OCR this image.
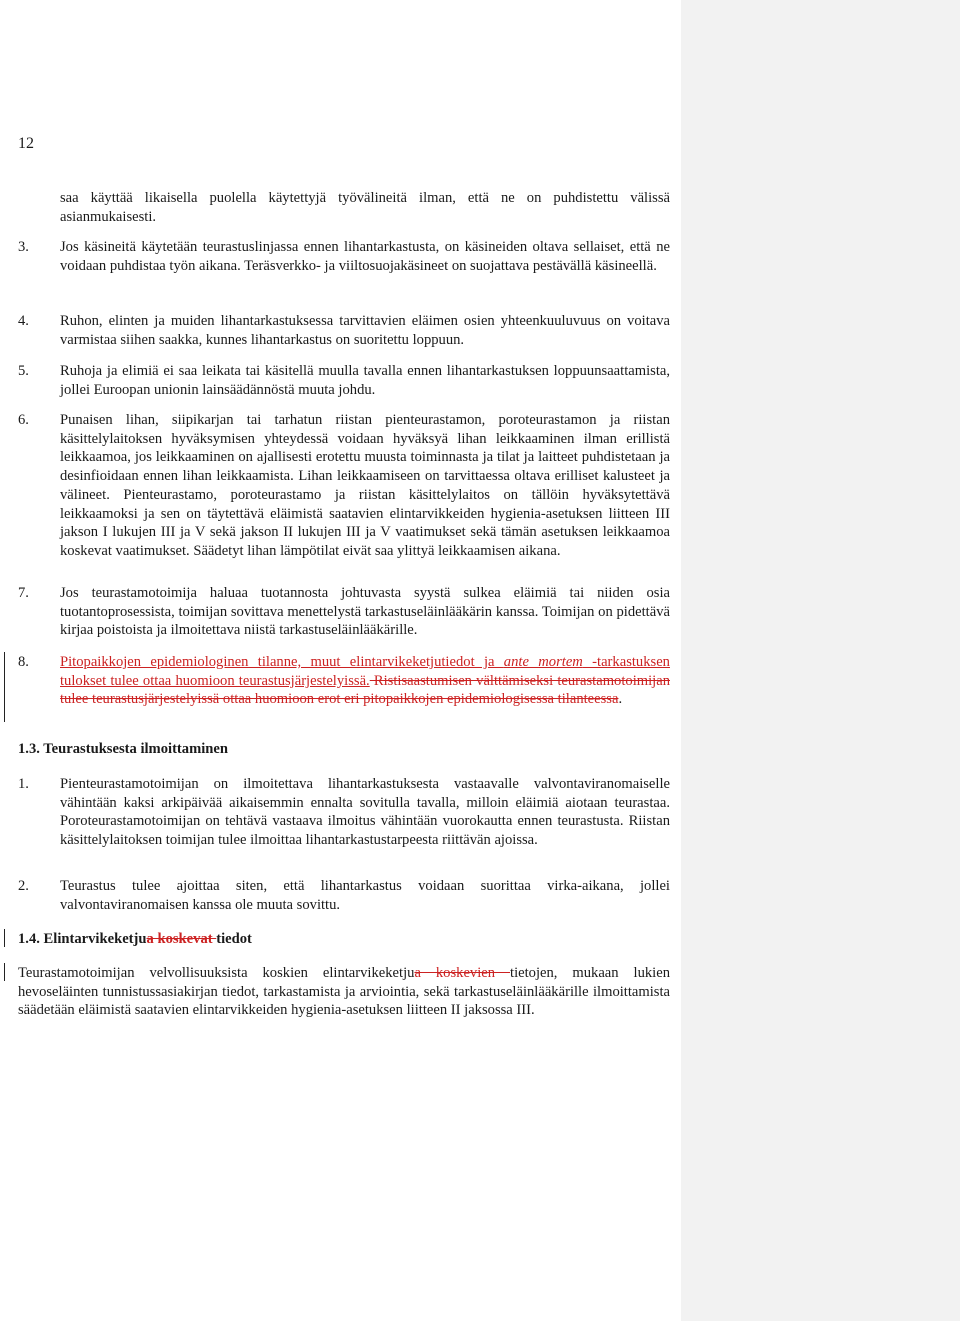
12

saa käyttää likaisella puolella käytettyjä työvälineitä ilman, että ne on puhdistettu välissä asianmukaisesti.

3. Jos käsineitä käytetään teurastuslinjassa ennen lihantarkastusta, on käsineiden oltava sellaiset, että ne voidaan puhdistaa työn aikana. Teräsverkko- ja viiltosuojakäsineet on suojattava pestävällä käsineellä.

4. Ruhon, elinten ja muiden lihantarkastuksessa tarvittavien eläimen osien yhteenkuuluvuus on voitava varmistaa siihen saakka, kunnes lihantarkastus on suoritettu loppuun.

5. Ruhoja ja elimiä ei saa leikata tai käsitellä muulla tavalla ennen lihantarkastuksen loppuunsaattamista, jollei Euroopan unionin lainsäädännöstä muuta johdu.

6. Punaisen lihan, siipikarjan tai tarhatun riistan pienteurastamon, poroteurastamon ja riistan käsittelylaitoksen hyväksymisen yhteydessä voidaan hyväksyä lihan leikkaaminen ilman erillistä leikkaamoa, jos leikkaaminen on ajallisesti erotettu muusta toiminnasta ja tilat ja laitteet puhdistetaan ja desinfioidaan ennen lihan leikkaamista. Lihan leikkaamiseen on tarvittaessa oltava erilliset kalusteet ja välineet. Pienteurastamo, poroteurastamo ja riistan käsittelylaitos on tällöin hyväksytettävä leikkaamoksi ja sen on täytettävä eläimistä saatavien elintarvikkeiden hygienia-asetuksen liitteen III jakson I lukujen III ja V sekä jakson II lukujen III ja V vaatimukset sekä tämän asetuksen leikkaamoa koskevat vaatimukset. Säädetyt lihan lämpötilat eivät saa ylittyä leikkaamisen aikana.

7. Jos teurastamotoimija haluaa tuotannosta johtuvasta syystä sulkea eläimiä tai niiden osia tuotantoprosessista, toimijan sovittava menettelystä tarkastuseläinlääkärin kanssa. Toimijan on pidettävä kirjaa poistoista ja ilmoitettava niistä tarkastuseläinlääkärille.

8. Pitopaikkojen epidemiologinen tilanne, muut elintarvikeketjutiedot ja ante mortem -tarkastuksen tulokset tulee ottaa huomioon teurastusjärjestelyissä. Ristisaastumisen välttämiseksi teurastamotoimijan tulee teurastusjärjestelyissä ottaa huomioon erot eri pitopaikkojen epidemiologisessa tilanteessa.

1.3. Teurastuksesta ilmoittaminen
1. Pienteurastamotoimijan on ilmoitettava lihantarkastuksesta vastaavalle valvontaviranomaiselle vähintään kaksi arkipäivää aikaisemmin ennalta sovitulla tavalla, milloin eläimiä aiotaan teurastaa. Poroteurastamotoimijan on tehtävä vastaava ilmoitus vähintään vuorokautta ennen teurastusta. Riistan käsittelylaitoksen toimijan tulee ilmoittaa lihantarkastustarpeesta riittävän ajoissa.

2. Teurastus tulee ajoittaa siten, että lihantarkastus voidaan suorittaa virka-aikana, jollei valvontaviranomaisen kanssa ole muuta sovittu.

1.4. Elintarvikeketjua koskevat tiedot

Teurastamotoimijan velvollisuuksista koskien elintarvikeketjua koskevien tietojen, mukaan lukien hevoseläinten tunnistussasiakirjan tiedot, tarkastamista ja arviointia, sekä tarkastuseläinlääkärille ilmoittamista säädetään eläimistä saatavien elintarvikkeiden hygienia-asetuksen liitteen II jaksossa III.
